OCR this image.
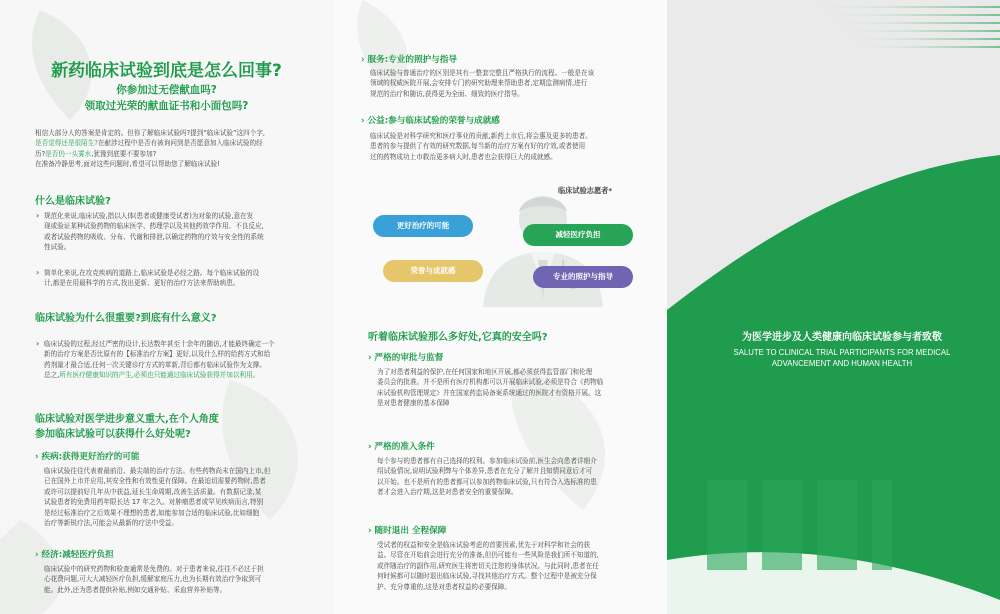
新药临床试验到底是怎么回事?
你参加过无偿献血吗?
领取过光荣的献血证书和小面包吗?

相信大部分人的答案是肯定的。但你了解临床试验吗?提到“临床试验”这四个字,

是否觉得还是很陌生?在献涉过程中是否有被询问到是否愿意加入临床试验的经

历?是否仍一头雾水,犹豫到底要不要参加?

在准备冷静思考,面对这些问题时,希望可以帮助您了解临床试验!

什么是临床试验?
› 规范化来说,临床试验,指以人体(患者或健康受试者)为对象的试验,意在发
现或验证某种试验药物的临床医学、药理学以及其他药效学作用、不良反应,
或者试验药物的吸收、分布、代谢和排泄,以确定药物的疗效与安全性的系统
性试验。
› 简单化来说,在攻克疾病的道路上,临床试验是必经之路。每个临床试验的设
计,都是在用最科学的方式,找出更新、更好的治疗方法来帮助病患。
临床试验为什么很重要?到底有什么意义?
› 临床试验的过程,经过严密的设计,长达数年甚至十余年的随访,才能最终确定一个
新的治疗方案是否比原有的【标准治疗方案】更好,以及什么样的给药方式和给
药剂量才最合适,任何一次关键诊疗方式的革新,背后都有临床试验作为支撑。
总之,所有医疗健康知识的产生,必须也只能通过临床试验获得并加以利用。
临床试验对医学进步意义重大,在个人角度
参加临床试验可以获得什么好处呢?
› 疾病:获得更好治疗的可能

临床试验往往代表着最前沿、最尖端的治疗方法。有些药物尚未在国内上市,但

已在国外上市并应用,其安全性和有效性更有保障。在最迫切需要药物时,患者

或许可以提前好几年从中获益,延长生命周期,改善生活质量。有数据记录,某

试验患者的免费用药年限长达 17 年之久。对肿瘤患者或罕见疾病而言,特别

是经过标准治疗之后效果不理想的患者,如能参加合适的临床试验,比如细胞

治疗等新锐疗法,可能会从最新的疗法中受益。

› 经济:减轻医疗负担

临床试验中的研究药物和检查通常是免费的。对于患者来说,往往不必过于担

心花费问题,可大大减轻医疗负担,缓解家庭压力,也为长期有效治疗争取到可

能。此外,还为患者提供补贴,例如交通补贴、采血营养补贴等。

› 服务:专业的照护与指导

临床试验与普通治疗的区别是其有一整套完整且严格执行的流程。一般是在该

领域的权威医院开展,会安排专门的研究助理来帮助患者,定期监测病情,进行

规范的治疗和随访,获得更为全面、细致的医疗指导。

› 公益:参与临床试验的荣誉与成就感

临床试验是对科学研究和医疗事业的贡献,新药上市后,将会惠及更多的患者。

患者的参与提供了有效的研究数据,每当新的治疗方案有好的疗效,或者使用

过的药物成功上市救治更多病人时,患者也会获得巨大的成就感。

临床试验志愿者*
更好治疗的可能
减轻医疗负担
荣誉与成就感
专业的照护与指导
听着临床试验那么多好处,它真的安全吗?
› 严格的审批与监督

为了对患者利益的保护,在任何国家和地区开展,都必须获得监管部门和伦理

委员会的批准。并不是所有医疗机构都可以开展临床试验,必须是符合《药物临

床试验机构管理规定》并在国家药监局备案系统通过的医院才有资格开展。这

是对患者健康的基本保障

› 严格的准入条件

每个参与的患者都有自己选择的权利。参加临床试验前,医生会向患者详细介

绍试验情况,说明试验利弊与个体差异,患者在充分了解并且知情同意后才可

以开始。也不是所有的患者都可以参加药物临床试验,只有符合入选标准的患

者才会进入治疗期,这是对患者安全的重要保障。

› 随时退出 全程保障

受试者的权益和安全是临床试验考虑的首要因素,优先于对科学和社会的获

益。尽管在开始前会进行充分的准备,但仍可能有一些风险是我们所不知道的,

或伴随治疗的副作用,研究医生将密切关注您的身体状况。与此同时,患者在任

何时候都可以随时退出临床试验,寻找其他治疗方式。整个过程中是被充分保

护、充分尊重的,这是对患者权益的必要保障。

为医学进步及人类健康向临床试验参与者致敬
SALUTE TO CLINICAL TRIAL PARTICIPANTS FOR MEDICAL
ADVANCEMENT AND HUMAN HEALTH
